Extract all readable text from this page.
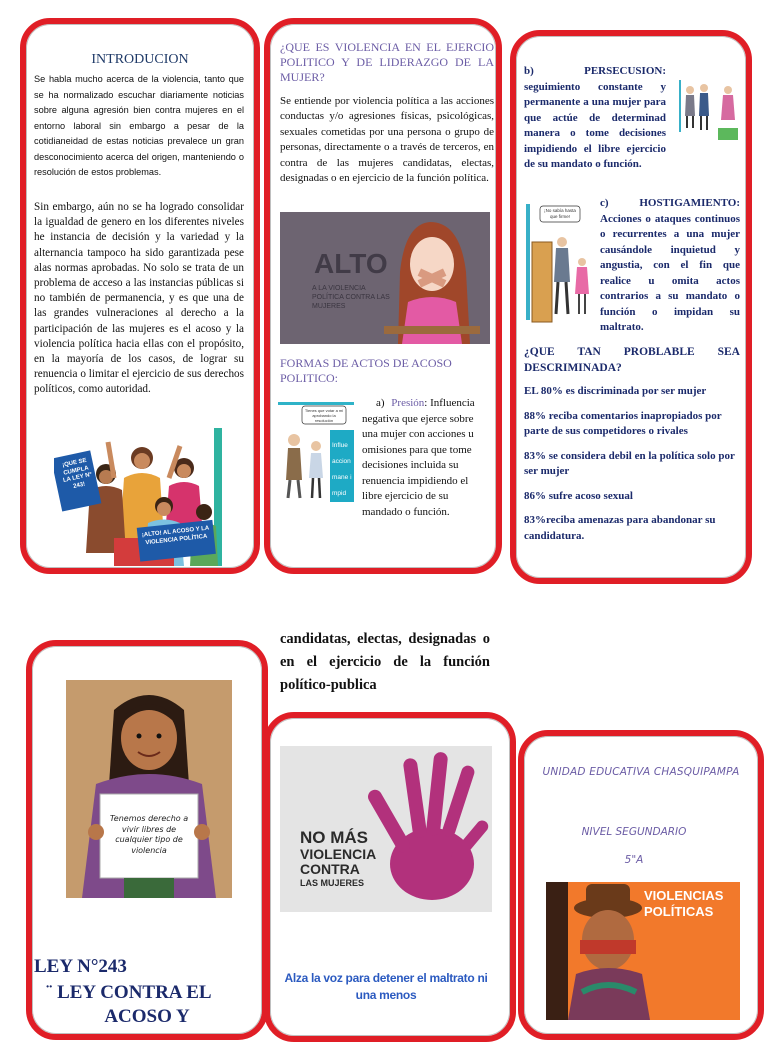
INTRODUCION
Se habla mucho acerca de la violencia, tanto que se ha normalizado escuchar diariamente noticias sobre alguna agresión bien contra mujeres en el entorno laboral sin embargo a pesar de la cotidianeidad de estas noticias prevalece un gran desconocimiento acerca del origen, manteniendo o resolución de estos problemas.
Sin embargo, aún no se ha logrado consolidar la igualdad de genero en los diferentes niveles he instancia de decisión y la variedad y la alternancia tampoco ha sido garantizada pese alas normas aprobadas. No solo se trata de un problema de acceso a las instancias públicas si no también de permanencia, y es que una de las grandes vulneraciones al derecho a la participación de las mujeres es el acoso y la violencia política hacia ellas con el propósito, en la mayoría de los casos, de lograr su renuencia o limitar el ejercicio de sus derechos políticos, como autoridad.
¡QUE SE CUMPLA LA LEY N° 243!
¡ALTO! AL ACOSO Y LA VIOLENCIA POLÍTICA
¿QUE ES VIOLENCIA EN EL EJERCIO POLITICO Y DE LIDERAZGO DE LA MUJER?
Se entiende por violencia política a las acciones conductas y/o agresiones físicas, psicológicas, sexuales cometidas por una persona o grupo de personas, directamente o a través de terceros, en contra de las mujeres candidatas, electas, designadas o en ejercicio de la función política.
ALTO
A LA VIOLENCIA POLÍTICA CONTRA LAS MUJERES
FORMAS DE ACTOS DE ACOSO POLITICO:
Tienes que votar a mi aprobando la resolución
Influe accion mane impid
a) Presión: Influencia negativa que ejerce sobre una mujer con acciones u omisiones para que tome decisiones incluida su renuencia impidiendo el libre ejercicio de su mandado o función.
b) PERSECUSION: seguimiento constante y permanente a una mujer para que actúe de determinad manera o tome decisiones impidiendo el libre ejercicio de su mandato o función.
¡No sabía hasta que firme!
c) HOSTIGAMIENTO: Acciones o ataques continuos o recurrentes a una mujer causándole inquietud y angustia, con el fin que realice u omita actos contrarios a su mandato o función o impidan su maltrato.
¿QUE TAN PROBLABLE SEA DESCRIMINADA?
EL 80% es discriminada por ser mujer
88% reciba comentarios inapropiados por parte de sus competidores o rivales
83% se considera debil en la política solo por ser mujer
86% sufre acoso sexual
83%reciba amenazas para abandonar su candidatura.
Tenemos derecho a vivir libres de cualquier tipo de violencia
LEY N°243
¨ LEY CONTRA EL
ACOSO Y
candidatas, electas, designadas o en el ejercicio de la función político-publica
NO MÁS
VIOLENCIA
CONTRA
LAS MUJERES
Alza la voz para detener el maltrato ni una menos
UNIDAD EDUCATIVA CHASQUIPAMPA
NIVEL SEGUNDARIO
5"A
VIOLENCIAS
POLÍTICAS
